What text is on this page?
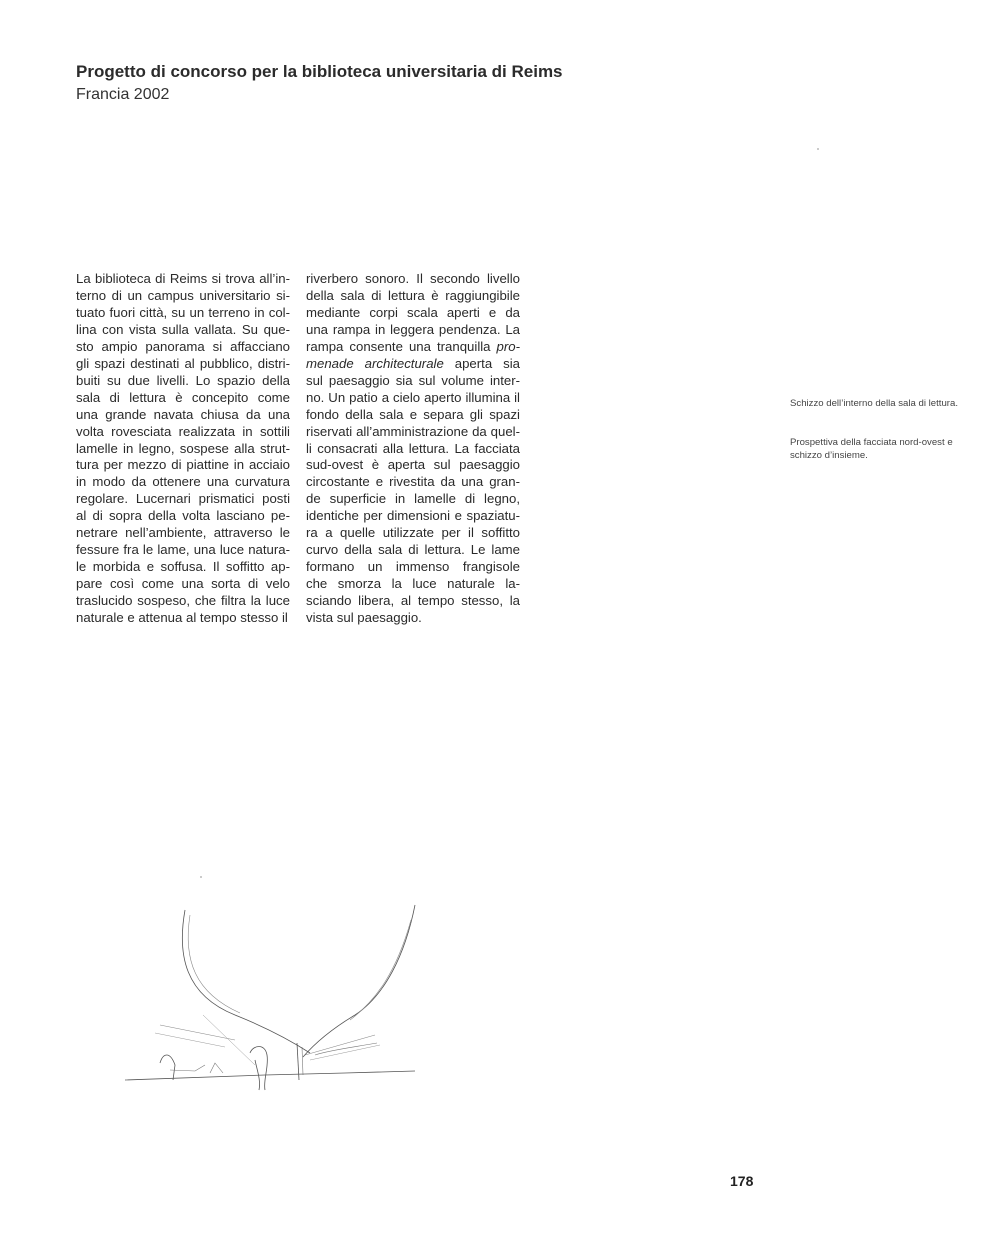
Progetto di concorso per la biblioteca universitaria di Reims
Francia 2002

La biblioteca di Reims si trova all’in-
terno di un campus universitario si-
tuato fuori città, su un terreno in col-
lina con vista sulla vallata. Su que-
sto ampio panorama si affacciano
gli spazi destinati al pubblico, distri-
buiti su due livelli. Lo spazio della
sala di lettura è concepito come
una grande navata chiusa da una
volta rovesciata realizzata in sottili
lamelle in legno, sospese alla strut-
tura per mezzo di piattine in acciaio
in modo da ottenere una curvatura
regolare. Lucernari prismatici posti
al di sopra della volta lasciano pe-
netrare nell’ambiente, attraverso le
fessure fra le lame, una luce natura-
le morbida e soffusa. Il soffitto ap-
pare così come una sorta di velo
traslucido sospeso, che filtra la luce
naturale e attenua al tempo stesso il

riverbero sonoro. Il secondo livello
della sala di lettura è raggiungibile
mediante corpi scala aperti e da
una rampa in leggera pendenza. La
rampa consente una tranquilla pro-
menade architecturale aperta sia
sul paesaggio sia sul volume inter-
no. Un patio a cielo aperto illumina il
fondo della sala e separa gli spazi
riservati all’amministrazione da quel-
li consacrati alla lettura. La facciata
sud-ovest è aperta sul paesaggio
circostante e rivestita da una gran-
de superficie in lamelle di legno,
identiche per dimensioni e spaziatu-
ra a quelle utilizzate per il soffitto
curvo della sala di lettura. Le lame
formano un immenso frangisole
che smorza la luce naturale la-
sciando libera, al tempo stesso, la
vista sul paesaggio.

Schizzo dell’interno della sala di lettura.
Prospettiva della facciata nord-ovest e schizzo d’insieme.
178
